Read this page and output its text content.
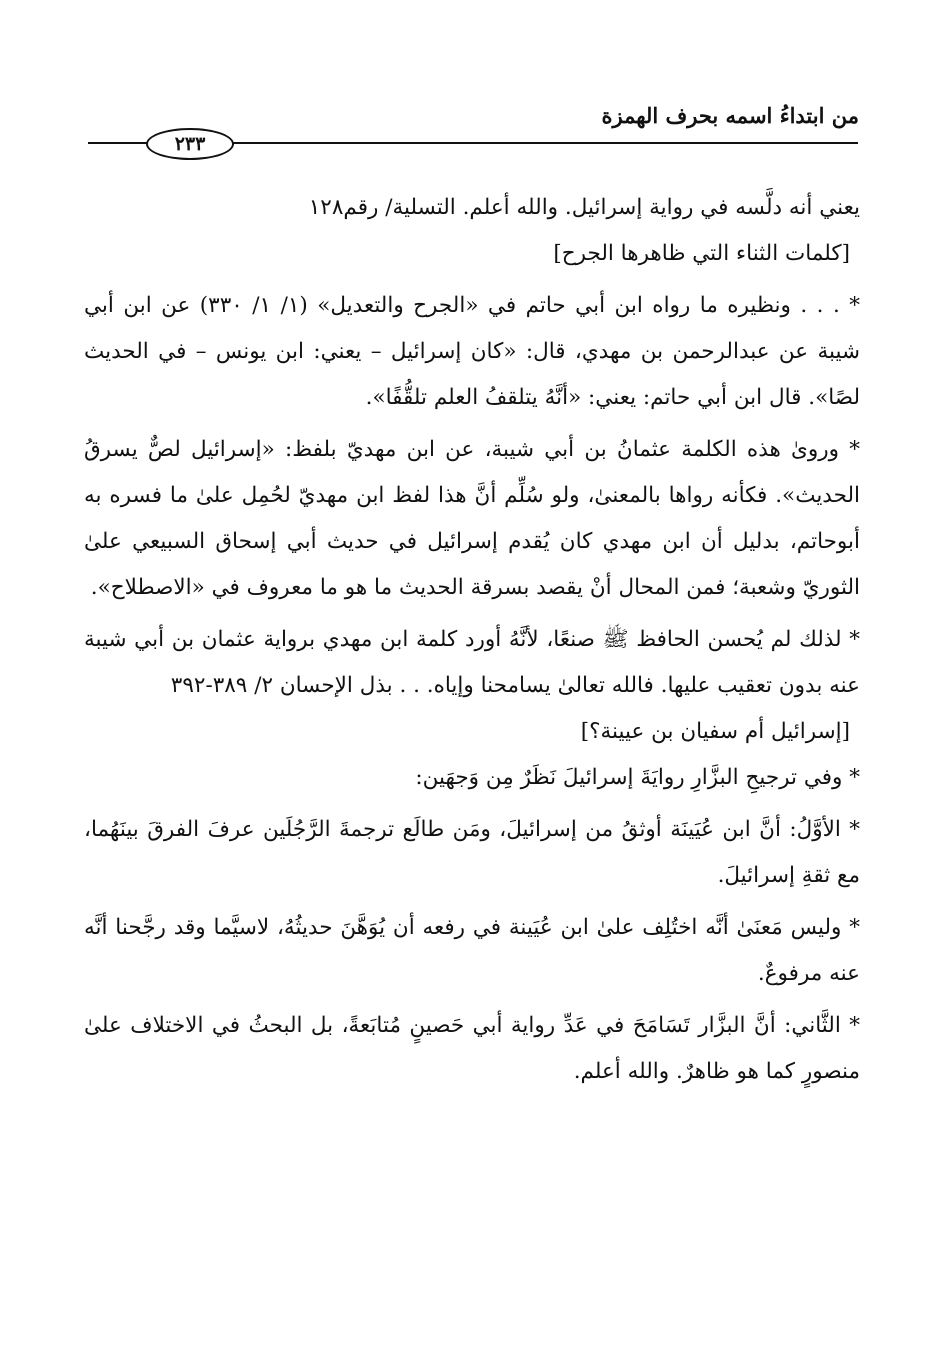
من ابتداءُ اسمه بحرف الهمزة
٢٣٣

يعني أنه دلَّسه في رواية إسرائيل. والله أعلم. التسلية/ رقم١٢٨

[كلمات الثناء التي ظاهرها الجرح]

* . . . ونظيره ما رواه ابن أبي حاتم في «الجرح والتعديل» (١/ ١/ ٣٣٠) عن ابن أبي شيبة عن عبدالرحمن بن مهدي، قال: «كان إسرائيل – يعني: ابن يونس – في الحديث لصًا». قال ابن أبي حاتم: يعني: «أنَّهُ يتلقفُ العلم تلقُّفًا».

* وروىٰ هذه الكلمة عثمانُ بن أبي شيبة، عن ابن مهديّ بلفظ: «إسرائيل لصٌّ يسرقُ الحديث». فكأنه رواها بالمعنىٰ، ولو سُلِّم أنَّ هذا لفظ ابن مهديّ لحُمِل علىٰ ما فسره به أبوحاتم، بدليل أن ابن مهدي كان يُقدم إسرائيل في حديث أبي إسحاق السبيعي علىٰ الثوريّ وشعبة؛ فمن المحال أنْ يقصد بسرقة الحديث ما هو ما معروف في «الاصطلاح».

* لذلك لم يُحسن الحافظ ﷺ صنعًا، لأنَّهُ أورد كلمة ابن مهدي برواية عثمان بن أبي شيبة عنه بدون تعقيب عليها. فالله تعالىٰ يسامحنا وإياه. . . بذل الإحسان ٢/ ٣٨٩-٣٩٢

[إسرائيل أم سفيان بن عيينة؟]

* وفي ترجيحِ البزَّارِ روايَةَ إسرائيلَ نَظَرٌ مِن وَجهَين:

* الأوَّلُ: أنَّ ابن عُيَينَة أوثقُ من إسرائيلَ، ومَن طالَع ترجمةَ الرَّجُلَين عرفَ الفرقَ بينَهُما، مع ثقةِ إسرائيلَ.

* وليس مَعنَىٰ أنَّه اختُلِف علىٰ ابن عُيَينة في رفعه أن يُوَهَّنَ حديثُهُ، لاسيَّما وقد رجَّحنا أنَّه عنه مرفوعٌ.

* الثَّاني: أنَّ البزَّار تَسَامَحَ في عَدِّ رواية أبي حَصينٍ مُتابَعةً، بل البحثُ في الاختلاف علىٰ منصورٍ كما هو ظاهرٌ. والله أعلم.
